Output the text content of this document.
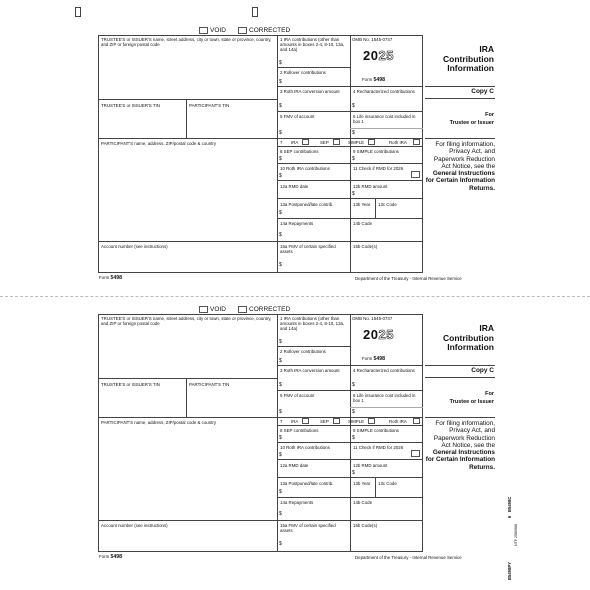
VOID	CORRECTED
TRUSTEE'S or ISSUER'S name, street address, city or town, state or province, country, and ZIP or foreign postal code
TRUSTEE'S or ISSUER'S TIN	PARTICIPANT'S TIN
PARTICIPANT'S name, address, ZIP/postal code & country
Account number (see instructions)
1 IRA contributions (other than amounts in boxes 2-4, 8-10, 13a, and 14a)
$
OMB No. 1545-0747
2025
Form 5498
2 Rollover contributions
$
3 Roth IRA conversion amount
$
4 Recharacterized contributions
$
5 FMV of account
$
6 Life insurance cost included in box 1
$
7 IRA	SEP	SIMPLE	Roth IRA
8 SEP contributions
$
9 SIMPLE contributions
$
10 Roth IRA contributions
$
11 Check if RMD for 2026
12a RMD date	12b RMD amount
$
13a Postponed/late contrib.
$
13b Year 13c Code
14a Repayments
$
14b Code
15a FMV of certain specified assets
$
15b Code(s)
IRA Contribution Information
Copy C
For
Trustee or Issuer
For filing information, Privacy Act, and Paperwork Reduction Act Notice, see the General Instructions for Certain Information Returns.
Form 5498	Department of the Treasury - Internal Revenue Service
VOID	CORRECTED
TRUSTEE'S or ISSUER'S name, street address, city or town, state or province, country, and ZIP or foreign postal code
TRUSTEE'S or ISSUER'S TIN	PARTICIPANT'S TIN
PARTICIPANT'S name, address, ZIP/postal code & country
Account number (see instructions)
1 IRA contributions (other than amounts in boxes 2-4, 8-10, 13a, and 14a)
$
OMB No. 1545-0747
2025
Form 5498
2 Rollover contributions
$
3 Roth IRA conversion amount
$
4 Recharacterized contributions
$
5 FMV of account
$
6 Life insurance cost included in box 1
$
7 IRA	SEP	SIMPLE	Roth IRA
8 SEP contributions
$
9 SIMPLE contributions
$
10 Roth IRA contributions
$
11 Check if RMD for 2026
12a RMD date	12b RMD amount
$
13a Postponed/late contrib.
$
13b Year 13c Code
14a Repayments
$
14b Code
15a FMV of certain specified assets
$
15b Code(s)
IRA Contribution Information
Copy C
For
Trustee or Issuer
For filing information, Privacy Act, and Paperwork Reduction Act Notice, see the General Instructions for Certain Information Returns.
Form 5498	Department of the Treasury - Internal Revenue Service
B5498PY
NTF 2586988
6
B5498C
